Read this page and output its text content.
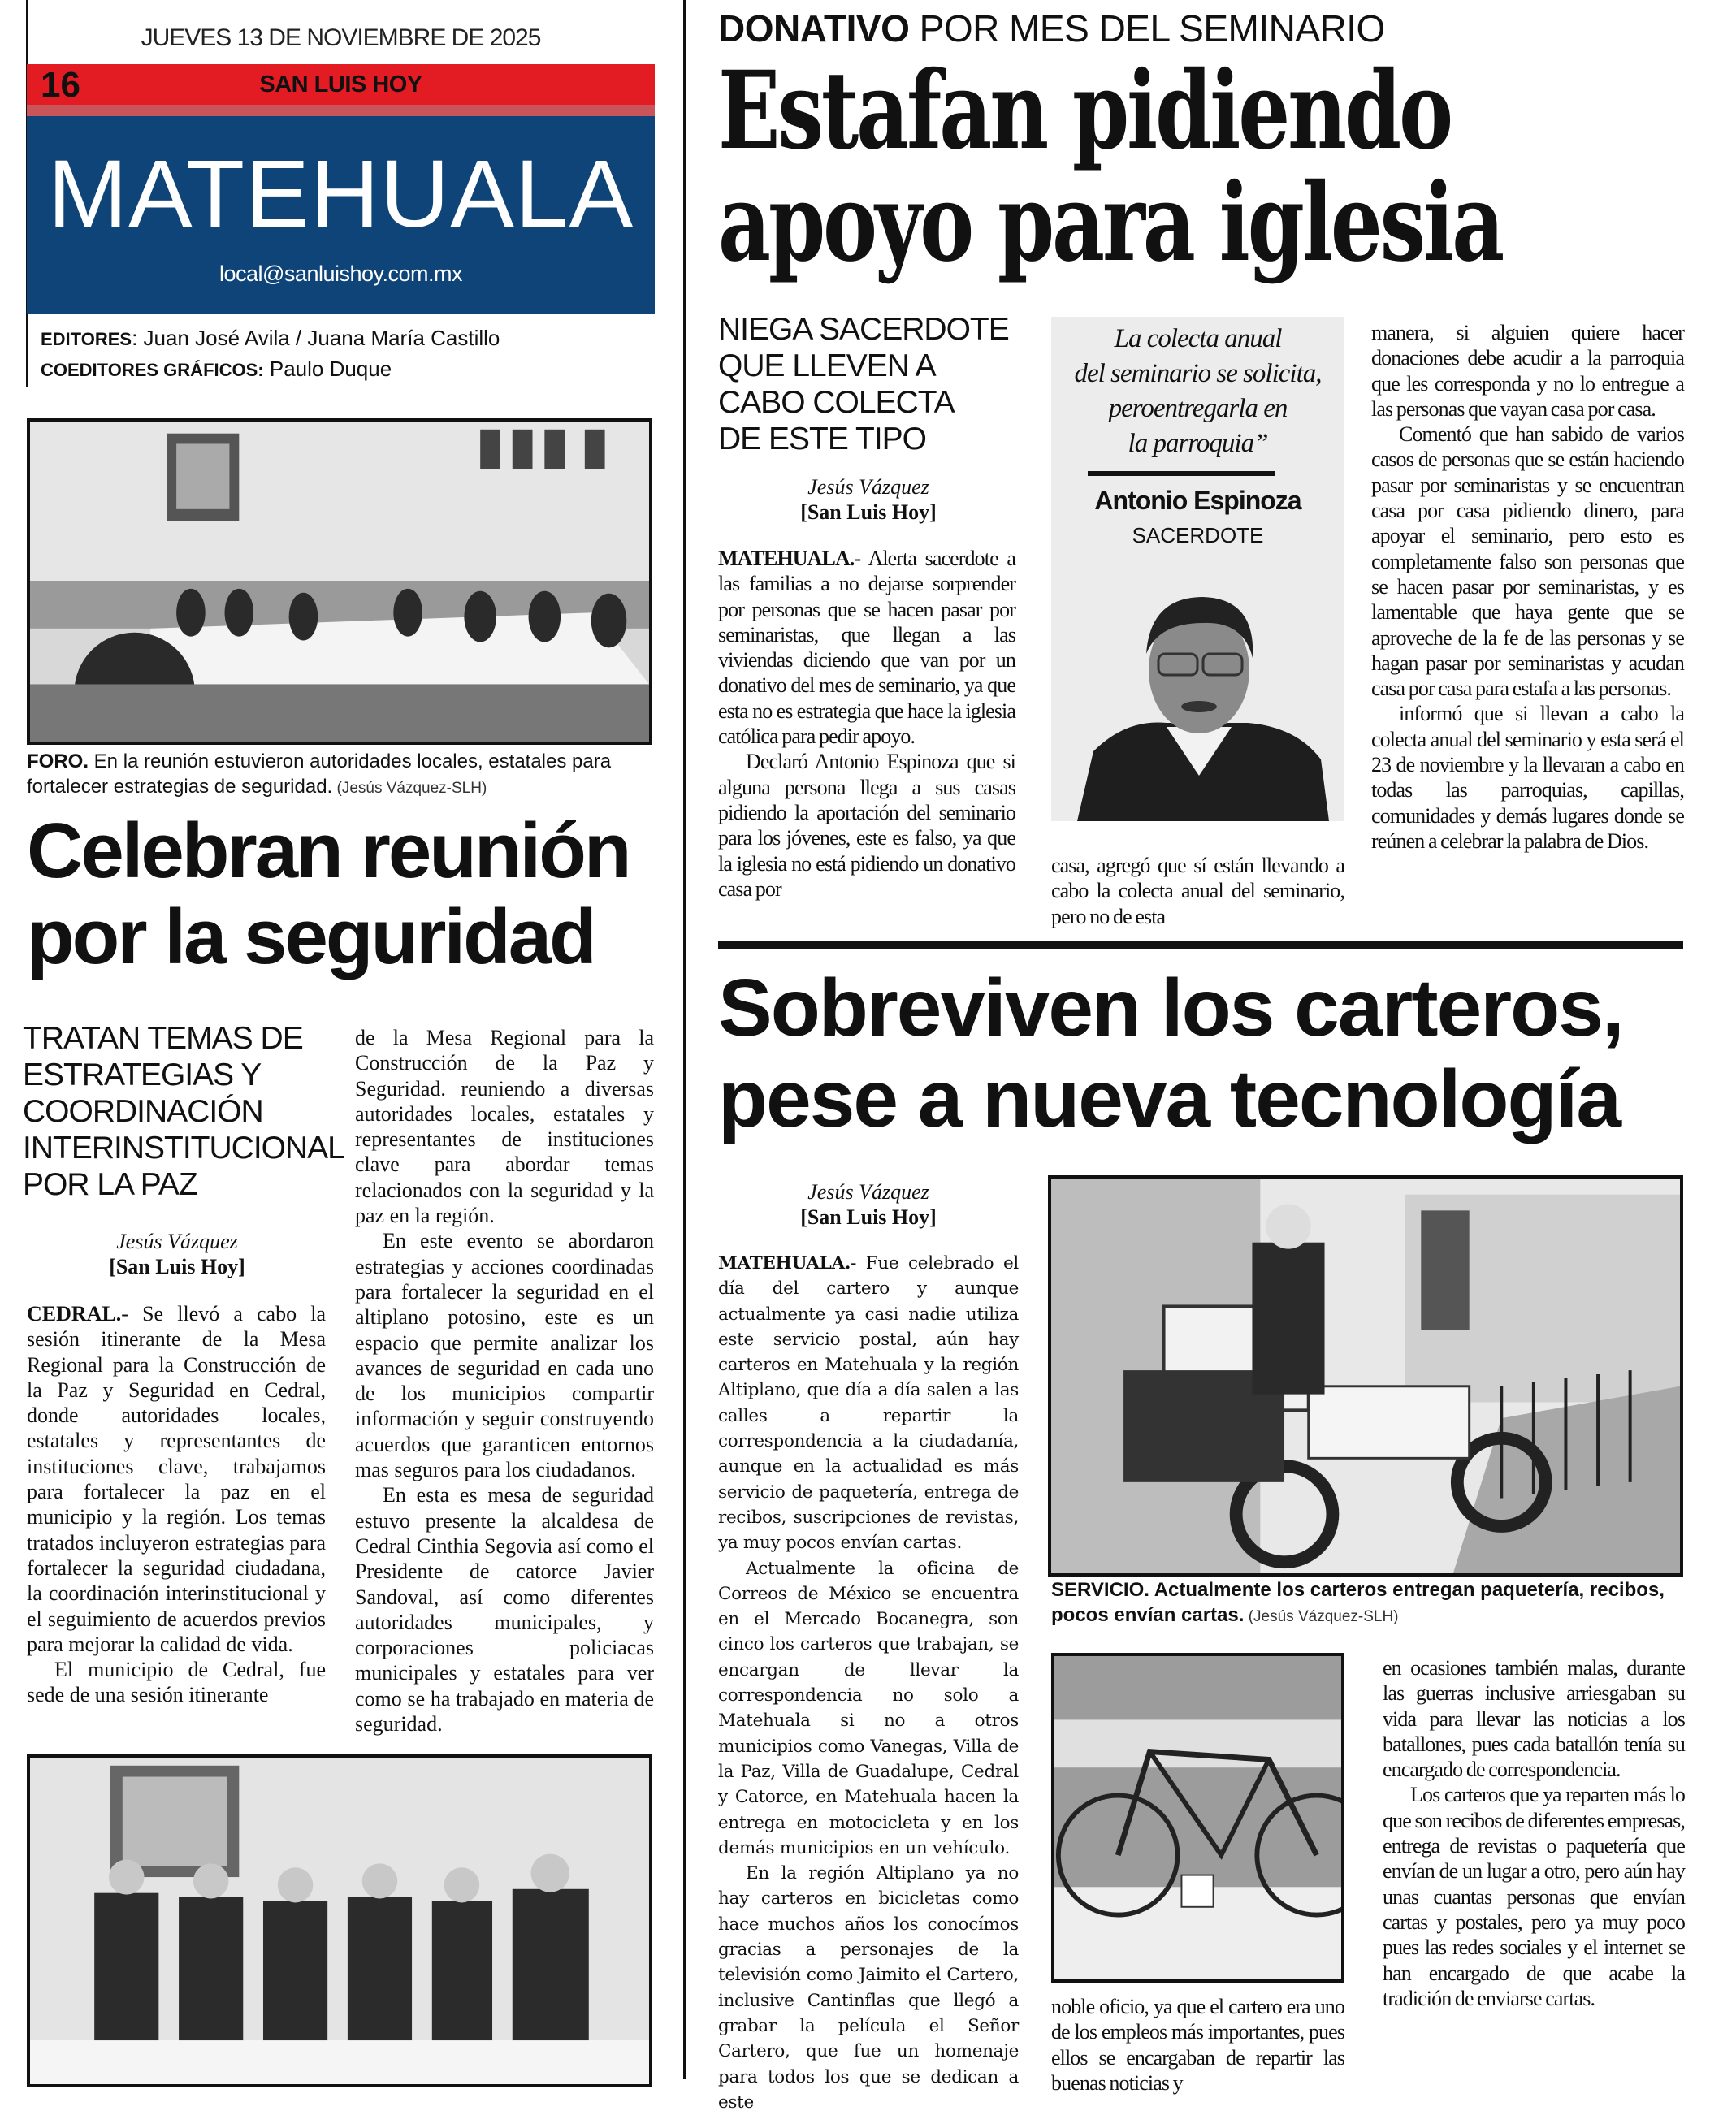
JUEVES 13 DE NOVIEMBRE DE 2025
16	SAN LUIS HOY
MATEHUALA
local@sanluishoy.com.mx
EDITORES: Juan José Avila / Juana María Castillo
COEDITORES GRÁFICOS: Paulo Duque
FORO. En la reunión estuvieron autoridades locales, estatales para fortalecer estrategias de seguridad. (Jesús Vázquez-SLH)
Celebran reunión
por la seguridad
TRATAN TEMAS DE
ESTRATEGIAS Y
COORDINACIÓN
INTERINSTITUCIONAL
POR LA PAZ
Jesús Vázquez
[San Luis Hoy]

CEDRAL.- Se llevó a cabo la sesión itinerante de la Mesa Regional para la Construcción de la Paz y Seguridad en Cedral, donde autoridades locales, estatales y representantes de instituciones clave, trabajamos para fortalecer la paz en el municipio y la región. Los temas tratados incluyeron estrategias para fortalecer la seguridad ciudadana, la coordinación interinstitucional y el seguimiento de acuerdos previos para mejorar la calidad de vida.

El municipio de Cedral, fue sede de una sesión itinerante

de la Mesa Regional para la Construcción de la Paz y Seguridad. reuniendo a diversas autoridades locales, estatales y representantes de instituciones clave para abordar temas relacionados con la seguridad y la paz en la región.

En este evento se abordaron estrategias y acciones coordinadas para fortalecer la seguridad en el altiplano potosino, este es un espacio que permite analizar los avances de seguridad en cada uno de los municipios compartir información y seguir construyendo acuerdos que garanticen entornos mas seguros para los ciudadanos.

En esta es mesa de seguridad estuvo presente la alcaldesa de Cedral Cinthia Segovia así como el Presidente de catorce Javier Sandoval, así como diferentes autoridades municipales, y corporaciones policiacas municipales y estatales para ver como se ha trabajado en materia de seguridad.

DONATIVO POR MES DEL SEMINARIO
Estafan pidiendo
apoyo para iglesia
NIEGA SACERDOTE
QUE LLEVEN A
CABO COLECTA
DE ESTE TIPO
Jesús Vázquez
[San Luis Hoy]

MATEHUALA.- Alerta sacerdote a las familias a no dejarse sorprender por personas que se hacen pasar por seminaristas, que llegan a las viviendas diciendo que van por un donativo del mes de seminario, ya que esta no es estrategia que hace la iglesia católica para pedir apoyo.

Declaró Antonio Espinoza que si alguna persona llega a sus casas pidiendo la aportación del seminario para los jóvenes, este es falso, ya que la iglesia no está pidiendo un donativo casa por

La colecta anual
del seminario se solicita,
peroentregarla en
la parroquia”
Antonio Espinoza
SACERDOTE

casa, agregó que sí están llevando a cabo la colecta anual del seminario, pero no de esta

manera, si alguien quiere hacer donaciones debe acudir a la parroquia que les corresponda y no lo entregue a las personas que vayan casa por casa.

Comentó que han sabido de varios casos de personas que se están haciendo pasar por seminaristas y se encuentran casa por casa pidiendo dinero, para apoyar el seminario, pero esto es completamente falso son personas que se hacen pasar por seminaristas, y es lamentable que haya gente que se aproveche de la fe de las personas y se hagan pasar por seminaristas y acudan casa por casa para estafa a las personas.

informó que si llevan a cabo la colecta anual del seminario y esta será el 23 de noviembre y la llevaran a cabo en todas las parroquias, capillas, comunidades y demás lugares donde se reúnen a celebrar la palabra de Dios.

Sobreviven los carteros,
pese a nueva tecnología
Jesús Vázquez
[San Luis Hoy]

MATEHUALA.- Fue celebrado el día del cartero y aunque actualmente ya casi nadie utiliza este servicio postal, aún hay carteros en Matehuala y la región Altiplano, que día a día salen a las calles a repartir la correspondencia a la ciudadanía, aunque en la actualidad es más servicio de paquetería, entrega de recibos, suscripciones de revistas, ya muy pocos envían cartas.

Actualmente la oficina de Correos de México se encuentra en el Mercado Bocanegra, son cinco los carteros que trabajan, se encargan de llevar la correspondencia no solo a Matehuala si no a otros municipios como Vanegas, Villa de la Paz, Villa de Guadalupe, Cedral y Catorce, en Matehuala hacen la entrega en motocicleta y en los demás municipios en un vehículo.

En la región Altiplano ya no hay carteros en bicicletas como hace muchos años los conocímos gracias a personajes de la televisión como Jaimito el Cartero, inclusive Cantinflas que llegó a grabar la película el Señor Cartero, que fue un homenaje para todos los que se dedican a este

SERVICIO. Actualmente los carteros entregan paquetería, recibos, pocos envían cartas. (Jesús Vázquez-SLH)

noble oficio, ya que el cartero era uno de los empleos más importantes, pues ellos se encargaban de repartir las buenas noticias y

en ocasiones también malas, durante las guerras inclusive arriesgaban su vida para llevar las noticias a los batallones, pues cada batallón tenía su encargado de correspondencia.

Los carteros que ya reparten más lo que son recibos de diferentes empresas, entrega de revistas o paquetería que envían de un lugar a otro, pero aún hay unas cuantas personas que envían cartas y postales, pero ya muy poco pues las redes sociales y el internet se han encargado de que acabe la tradición de enviarse cartas.
